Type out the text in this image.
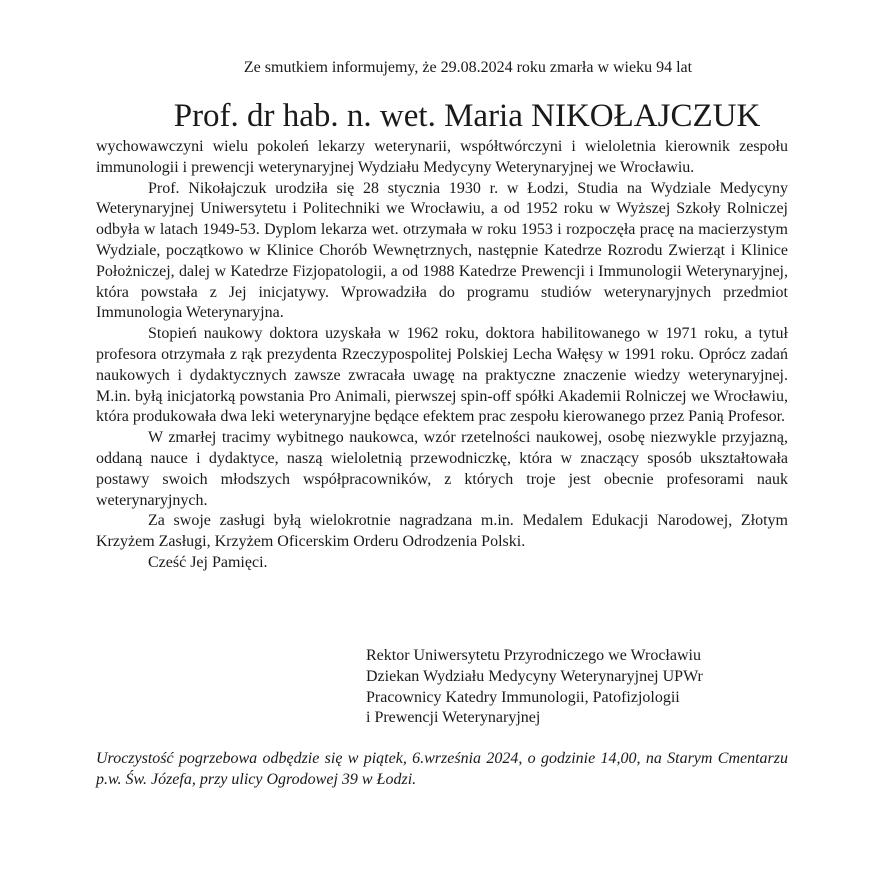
Ze smutkiem informujemy, że 29.08.2024 roku zmarła w wieku 94 lat
Prof. dr hab. n. wet. Maria NIKOŁAJCZUK

wychowawczyni wielu pokoleń lekarzy weterynarii, współtwórczyni i wieloletnia kierownik zespołu immunologii i prewencji weterynaryjnej Wydziału Medycyny Weterynaryjnej we Wrocławiu.

Prof. Nikołajczuk urodziła się 28 stycznia 1930 r. w Łodzi, Studia na Wydziale Medycyny Weterynaryjnej Uniwersytetu i Politechniki we Wrocławiu, a od 1952 roku w Wyższej Szkoły Rolniczej odbyła w latach 1949-53. Dyplom lekarza wet. otrzymała w roku 1953 i rozpoczęła pracę na macierzystym Wydziale, początkowo w Klinice Chorób Wewnętrznych, następnie Katedrze Rozrodu Zwierząt i Klinice Położniczej, dalej w Katedrze Fizjopatologii, a od 1988 Katedrze Prewencji i Immunologii Weterynaryjnej, która powstała z Jej inicjatywy. Wprowadziła do programu studiów weterynaryjnych przedmiot Immunologia Weterynaryjna.

Stopień naukowy doktora uzyskała w 1962 roku, doktora habilitowanego w 1971 roku, a tytuł profesora otrzymała z rąk prezydenta Rzeczypospolitej Polskiej Lecha Wałęsy w 1991 roku. Oprócz zadań naukowych i dydaktycznych zawsze zwracała uwagę na praktyczne znaczenie wiedzy weterynaryjnej. M.in. byłą inicjatorką powstania Pro Animali, pierwszej spin-off spółki Akademii Rolniczej we Wrocławiu, która produkowała dwa leki weterynaryjne będące efektem prac zespołu kierowanego przez Panią Profesor.

W zmarłej tracimy wybitnego naukowca, wzór rzetelności naukowej, osobę niezwykle przyjazną, oddaną nauce i dydaktyce, naszą wieloletnią przewodniczkę, która w znaczący sposób ukształtowała postawy swoich młodszych współpracowników, z których troje jest obecnie profesorami nauk weterynaryjnych.

Za swoje zasługi byłą wielokrotnie nagradzana m.in. Medalem Edukacji Narodowej, Złotym Krzyżem Zasługi, Krzyżem Oficerskim Orderu Odrodzenia Polski.

Cześć Jej Pamięci.

Rektor Uniwersytetu Przyrodniczego we Wrocławiu
Dziekan Wydziału Medycyny Weterynaryjnej UPWr
Pracownicy Katedry Immunologii, Patofizjologii
i Prewencji Weterynaryjnej
Uroczystość pogrzebowa odbędzie się w piątek, 6.września 2024, o godzinie 14,00, na Starym Cmentarzu p.w. Św. Józefa, przy ulicy Ogrodowej 39 w Łodzi.
